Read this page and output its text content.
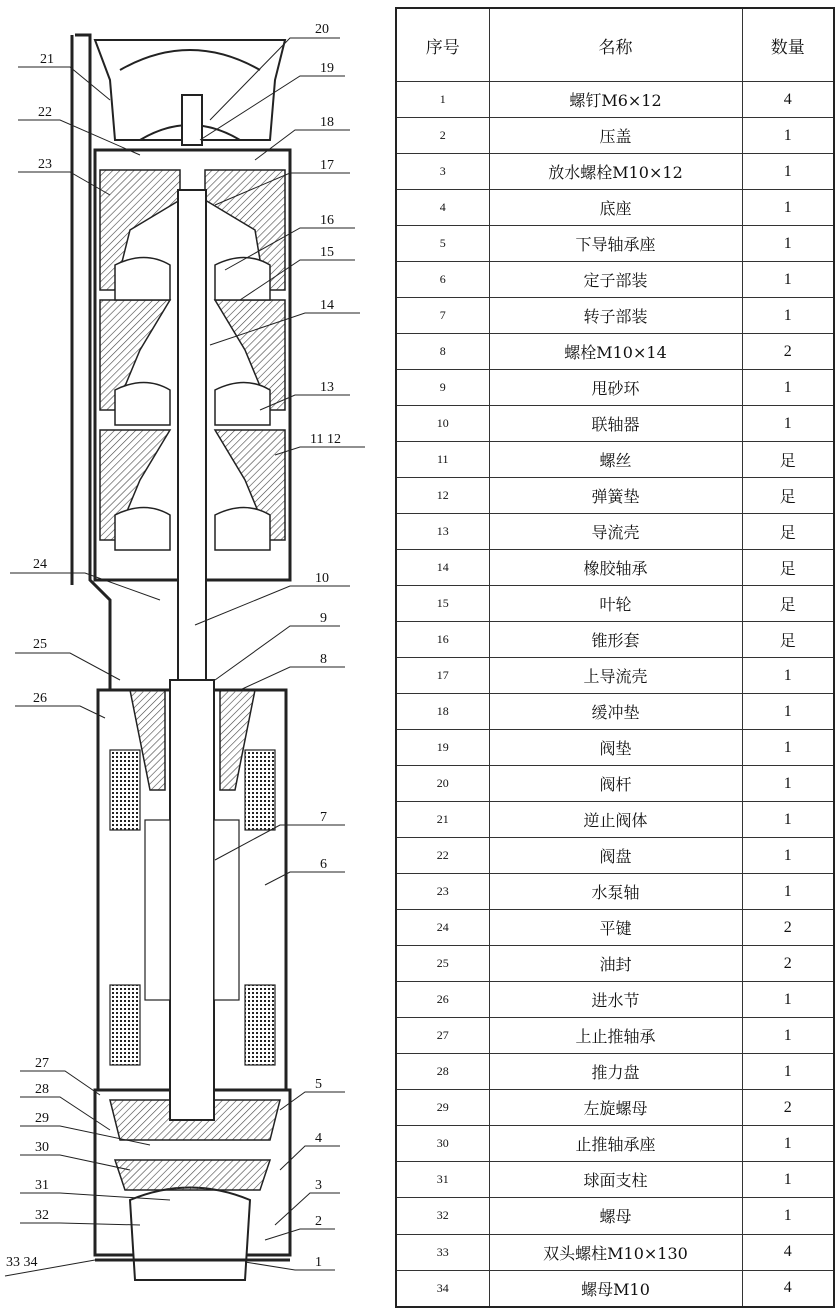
21
22
23
24
25
26
27
28
29
30
31
32
33 34
20
19
18
17
16
15
14
13
11 12
10
9
8
7
6
5
4
3
2
1
序号	名称	数量
1	螺钉M6×12	4
2	压盖	1
3	放水螺栓M10×12	1
4	底座	1
5	下导轴承座	1
6	定子部装	1
7	转子部装	1
8	螺栓M10×14	2
9	甩砂环	1
10	联轴器	1
11	螺丝	足
12	弹簧垫	足
13	导流壳	足
14	橡胶轴承	足
15	叶轮	足
16	锥形套	足
17	上导流壳	1
18	缓冲垫	1
19	阀垫	1
20	阀杆	1
21	逆止阀体	1
22	阀盘	1
23	水泵轴	1
24	平键	2
25	油封	2
26	进水节	1
27	上止推轴承	1
28	推力盘	1
29	左旋螺母	2
30	止推轴承座	1
31	球面支柱	1
32	螺母	1
33	双头螺柱M10×130	4
34	螺母M10	4
